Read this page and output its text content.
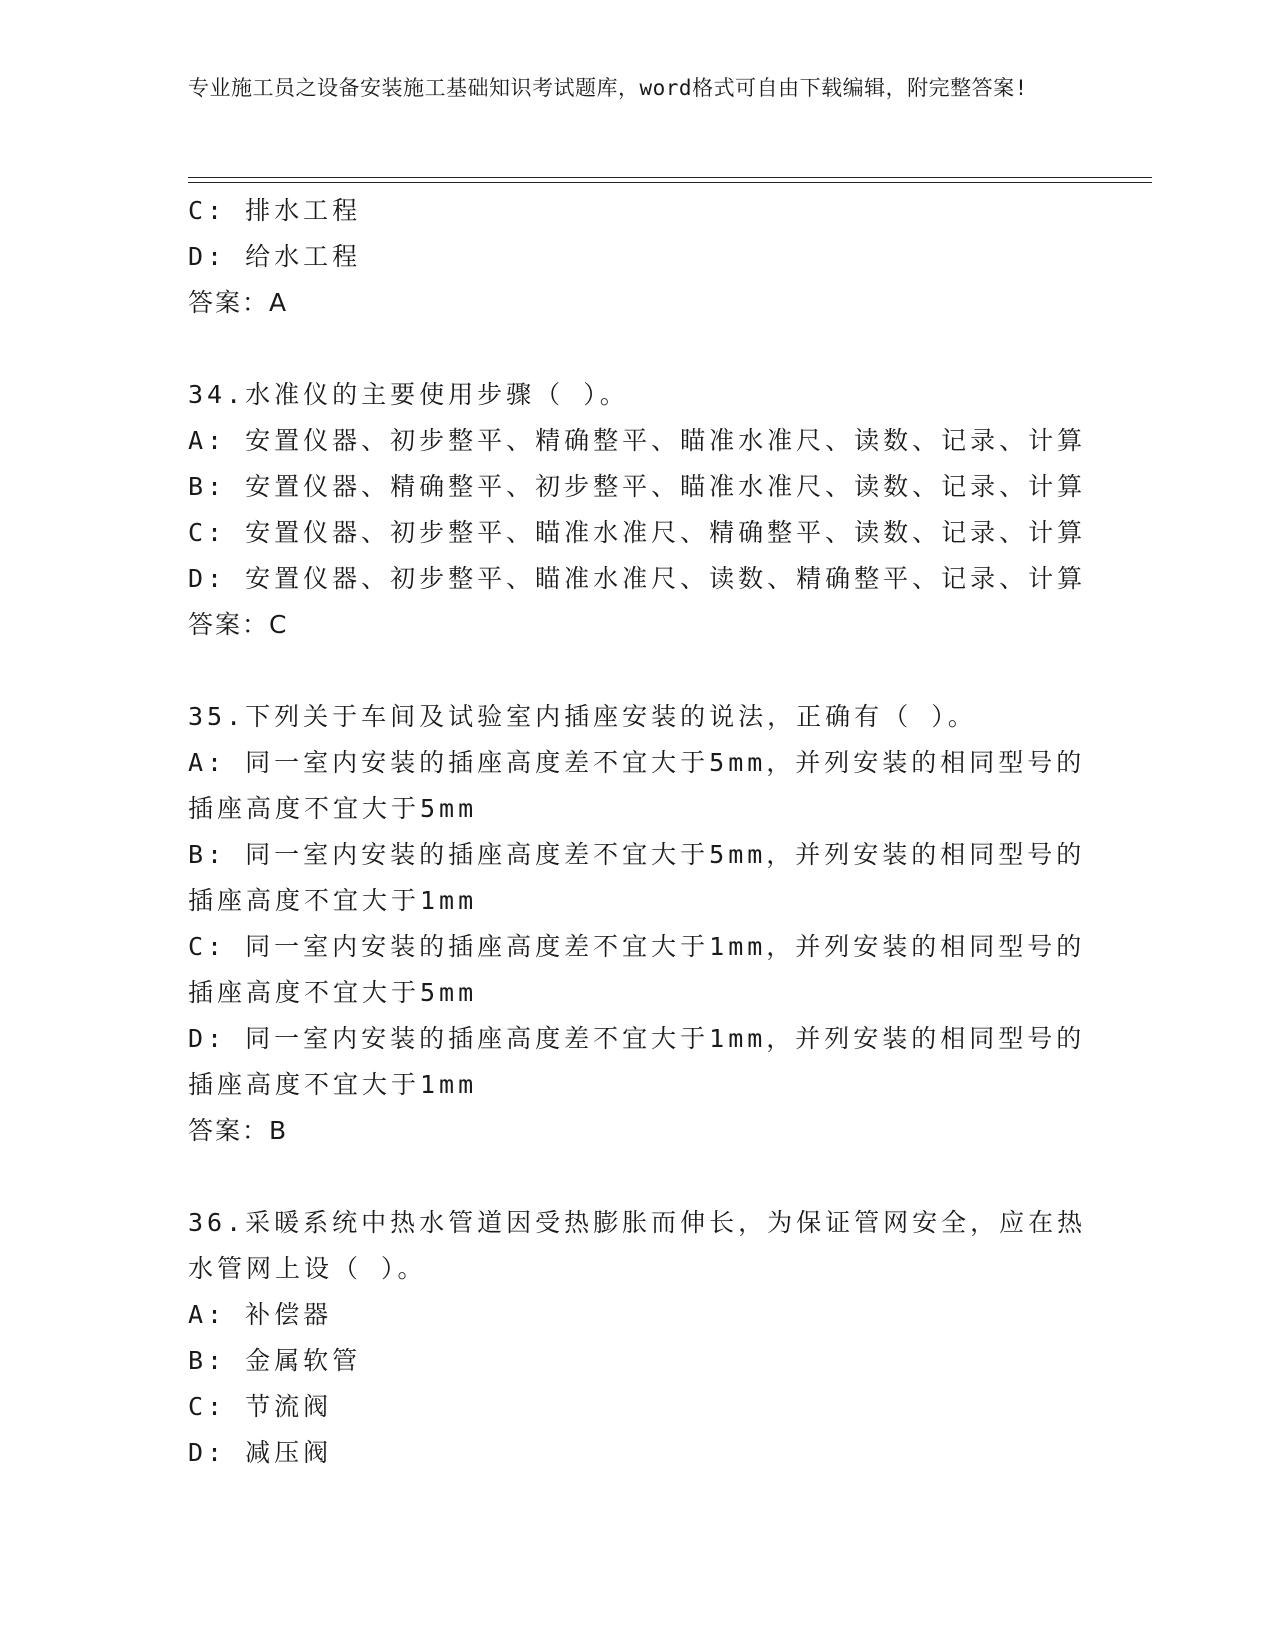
专业施工员之设备安装施工基础知识考试题库，word格式可自由下载编辑，附完整答案!
C: 排水工程
D: 给水工程
答案：A
34.水准仪的主要使用步骤（ ）。
A: 安置仪器、初步整平、精确整平、瞄准水准尺、读数、记录、计算
B: 安置仪器、精确整平、初步整平、瞄准水准尺、读数、记录、计算
C: 安置仪器、初步整平、瞄准水准尺、精确整平、读数、记录、计算
D: 安置仪器、初步整平、瞄准水准尺、读数、精确整平、记录、计算
答案：C
35.下列关于车间及试验室内插座安装的说法，正确有（ ）。
A: 同一室内安装的插座高度差不宜大于5mm，并列安装的相同型号的
插座高度不宜大于5mm
B: 同一室内安装的插座高度差不宜大于5mm，并列安装的相同型号的
插座高度不宜大于1mm
C: 同一室内安装的插座高度差不宜大于1mm，并列安装的相同型号的
插座高度不宜大于5mm
D: 同一室内安装的插座高度差不宜大于1mm，并列安装的相同型号的
插座高度不宜大于1mm
答案：B
36.采暖系统中热水管道因受热膨胀而伸长，为保证管网安全，应在热
水管网上设（ ）。
A: 补偿器
B: 金属软管
C: 节流阀
D: 减压阀
